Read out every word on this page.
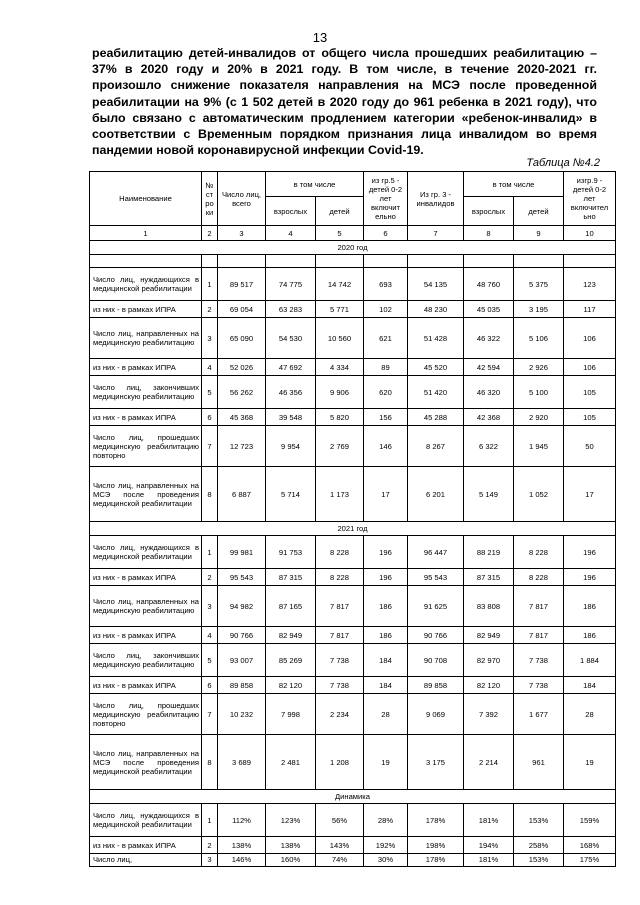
13
реабилитацию детей-инвалидов от общего числа прошедших реабилитацию – 37% в 2020 году и 20% в 2021 году. В том числе, в течение 2020-2021 гг. произошло снижение показателя направления на МСЭ после проведенной реабилитации на 9% (с 1 502 детей в 2020 году до 961 ребенка в 2021 году), что было связано с автоматическим продлением категории «ребенок-инвалид» в соответствии с Временным порядком признания лица инвалидом во время пандемии новой коронавирусной инфекции Covid-19.
Таблица №4.2
Наименование	№ ст ро ки	Число лиц, всего	в том числе		из гр.5 - детей 0-2 лет включит ельно	Из гр. 3 - инвалидов	в том числе		изгр.9 - детей 0-2 лет включител ьно
			взрослых	детей			взрослых	детей	
1	2	3	4	5	6	7	8	9	10
2020 год									

Число лиц, нуждающихся в медицинской реабилитации	1	89 517	74 775	14 742	693	54 135	48 760	5 375	123
из них - в рамках ИПРА	2	69 054	63 283	5 771	102	48 230	45 035	3 195	117
Число лиц, направленных на медицинскую реабилитацию	3	65 090	54 530	10 560	621	51 428	46 322	5 106	106
из них - в рамках ИПРА	4	52 026	47 692	4 334	89	45 520	42 594	2 926	106
Число лиц, закончивших медицинскую реабилитацию	5	56 262	46 356	9 906	620	51 420	46 320	5 100	105
из них - в рамках ИПРА	6	45 368	39 548	5 820	156	45 288	42 368	2 920	105
Число лиц, прошедших медицинскую реабилитацию повторно	7	12 723	9 954	2 769	146	8 267	6 322	1 945	50
Число лиц, направленных на МСЭ после проведения медицинской реабилитации	8	6 887	5 714	1 173	17	6 201	5 149	1 052	17
2021 год									
Число лиц, нуждающихся в медицинской реабилитации	1	99 981	91 753	8 228	196	96 447	88 219	8 228	196
из них - в рамках ИПРА	2	95 543	87 315	8 228	196	95 543	87 315	8 228	196
Число лиц, направленных на медицинскую реабилитацию	3	94 982	87 165	7 817	186	91 625	83 808	7 817	186
из них - в рамках ИПРА	4	90 766	82 949	7 817	186	90 766	82 949	7 817	186
Число лиц, закончивших медицинскую реабилитацию	5	93 007	85 269	7 738	184	90 708	82 970	7 738	1 884
из них - в рамках ИПРА	6	89 858	82 120	7 738	184	89 858	82 120	7 738	184
Число лиц, прошедших медицинскую реабилитацию повторно	7	10 232	7 998	2 234	28	9 069	7 392	1 677	28
Число лиц, направленных на МСЭ после проведения медицинской реабилитации	8	3 689	2 481	1 208	19	3 175	2 214	961	19
Динамика									
Число лиц, нуждающихся в медицинской реабилитации	1	112%	123%	56%	28%	178%	181%	153%	159%
из них - в рамках ИПРА	2	138%	138%	143%	192%	198%	194%	258%	168%
Число лиц,	3	146%	160%	74%	30%	178%	181%	153%	175%
